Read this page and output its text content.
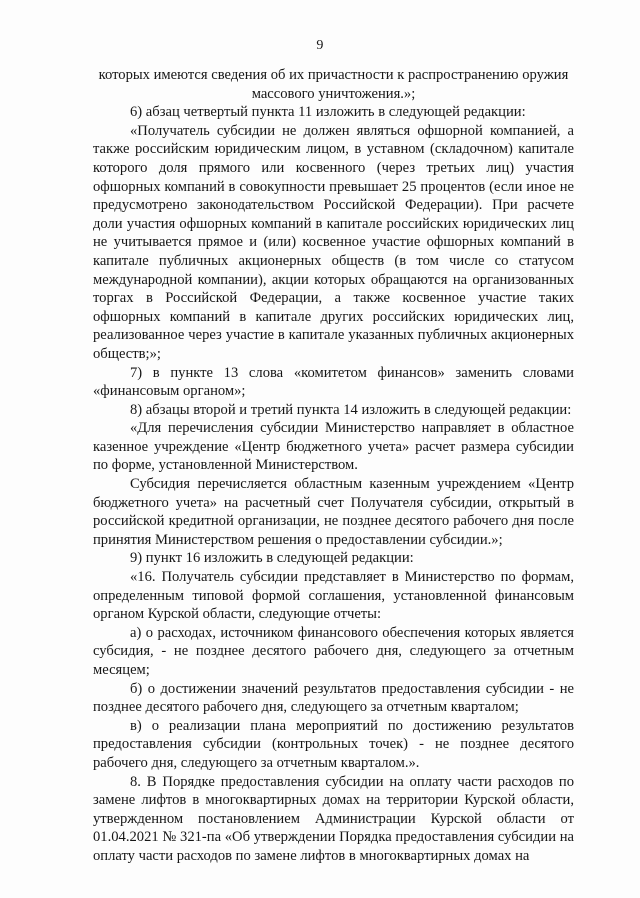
9

которых имеются сведения об их причастности к распространению оружия массового уничтожения.»;

6) абзац четвертый пункта 11 изложить в следующей редакции:

«Получатель субсидии не должен являться офшорной компанией, а также российским юридическим лицом, в уставном (складочном) капитале которого доля прямого или косвенного (через третьих лиц) участия офшорных компаний в совокупности превышает 25 процентов (если иное не предусмотрено законодательством Российской Федерации). При расчете доли участия офшорных компаний в капитале российских юридических лиц не учитывается прямое и (или) косвенное участие офшорных компаний в капитале публичных акционерных обществ (в том числе со статусом международной компании), акции которых обращаются на организованных торгах в Российской Федерации, а также косвенное участие таких офшорных компаний в капитале других российских юридических лиц, реализованное через участие в капитале указанных публичных акционерных обществ;»;

7) в пункте 13 слова «комитетом финансов» заменить словами «финансовым органом»;

8) абзацы второй и третий пункта 14 изложить в следующей редакции:

«Для перечисления субсидии Министерство направляет в областное казенное учреждение «Центр бюджетного учета» расчет размера субсидии по форме, установленной Министерством.

Субсидия перечисляется областным казенным учреждением «Центр бюджетного учета» на расчетный счет Получателя субсидии, открытый в российской кредитной организации, не позднее десятого рабочего дня после принятия Министерством решения о предоставлении субсидии.»;

9) пункт 16 изложить в следующей редакции:

«16. Получатель субсидии представляет в Министерство по формам, определенным типовой формой соглашения, установленной финансовым органом Курской области, следующие отчеты:

а) о расходах, источником финансового обеспечения которых является субсидия, - не позднее десятого рабочего дня, следующего за отчетным месяцем;

б) о достижении значений результатов предоставления субсидии - не позднее десятого рабочего дня, следующего за отчетным кварталом;

в) о реализации плана мероприятий по достижению результатов предоставления субсидии (контрольных точек) - не позднее десятого рабочего дня, следующего за отчетным кварталом.».

8. В Порядке предоставления субсидии на оплату части расходов по замене лифтов в многоквартирных домах на территории Курской области, утвержденном постановлением Администрации Курской области от 01.04.2021 № 321-па «Об утверждении Порядка предоставления субсидии на оплату части расходов по замене лифтов в многоквартирных домах на
